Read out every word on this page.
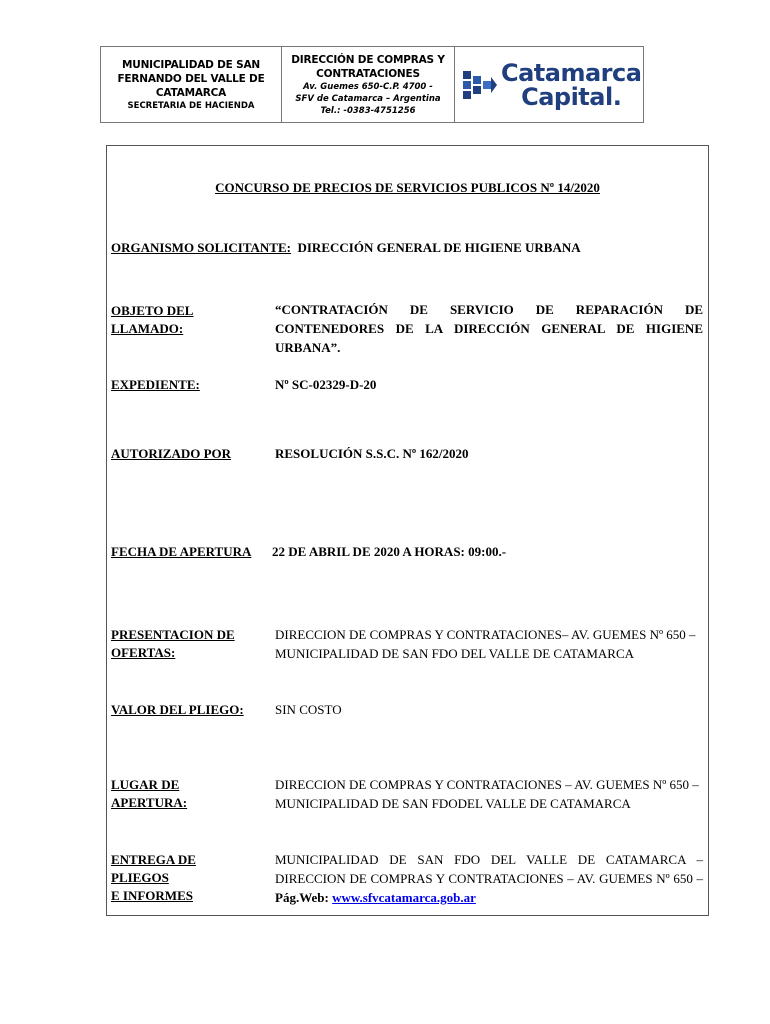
MUNICIPALIDAD DE SAN
FERNANDO DEL VALLE DE
CATAMARCA
SECRETARIA DE HACIENDA
DIRECCIÓN DE COMPRAS Y
CONTRATACIONES
Av. Guemes 650-C.P. 4700 -
SFV de Catamarca – Argentina
Tel.: -0383-4751256
Catamarca
Capital.
CONCURSO DE PRECIOS DE SERVICIOS PUBLICOS Nº 14/2020
ORGANISMO SOLICITANTE: DIRECCIÓN GENERAL DE HIGIENE URBANA
OBJETO DEL
LLAMADO:
“CONTRATACIÓN DE SERVICIO DE REPARACIÓN DE CONTENEDORES DE LA DIRECCIÓN GENERAL DE HIGIENE URBANA”.
EXPEDIENTE:	Nº SC-02329-D-20
AUTORIZADO POR	RESOLUCIÓN S.S.C. Nº 162/2020
FECHA DE APERTURA 22 DE ABRIL DE 2020 A HORAS: 09:00.-
PRESENTACION DE
OFERTAS:
DIRECCION DE COMPRAS Y CONTRATACIONES– AV. GUEMES Nº 650 – MUNICIPALIDAD DE SAN FDO DEL VALLE DE CATAMARCA
VALOR DEL PLIEGO: SIN COSTO
LUGAR DE
APERTURA:
DIRECCION DE COMPRAS Y CONTRATACIONES – AV. GUEMES Nº 650 –
MUNICIPALIDAD DE SAN FDODEL VALLE DE CATAMARCA
ENTREGA DE
PLIEGOS
E INFORMES
MUNICIPALIDAD DE SAN FDO DEL VALLE DE CATAMARCA – DIRECCION DE COMPRAS Y CONTRATACIONES – AV. GUEMES Nº 650 – Pág.Web: www.sfvcatamarca.gob.ar
